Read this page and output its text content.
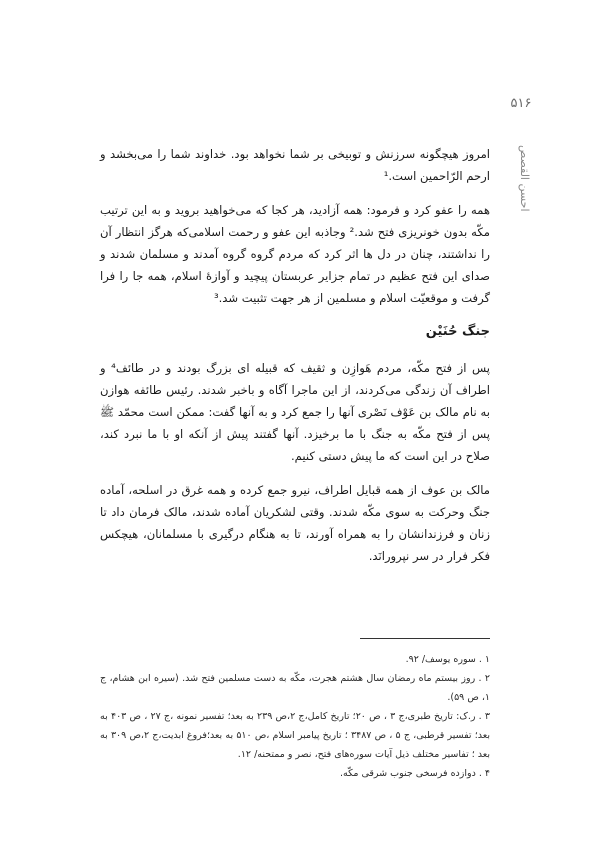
۵۱۶
احسن القصص

امروز هیچگونه سرزنش و توبیخی بر شما نخواهد بود. خداوند شما را می‌بخشد و ارحم الرّاحمین است.¹

همه را عفو کرد و فرمود: همه آزادید، هر کجا که می‌خواهید بروید و به این ترتیب مکّه بدون خونریزی فتح شد.² وجاذبه این عفو و رحمت اسلامی‌که هرگز انتظار آن را نداشتند، چنان در دل ها اثر کرد که مردم گروه گروه آمدند و مسلمان شدند و صدای این فتح عظیم در تمام جزایر عربستان پیچید و آوازهٔ اسلام، همه جا را فرا گرفت و موقعیّت اسلام و مسلمین از هر جهت تثبیت شد.³

جنگ حُنَیْن

پس از فتح مکّه، مردم هَوازِن و ثقیف که قبیله ای بزرگ بودند و در طائف⁴ و اطراف آن زندگی می‌کردند، از این ماجرا آگاه و باخبر شدند. رئیس طائفه هوازن به نام مالک بن عَوْف نَصْری آنها را جمع کرد و به آنها گفت: ممکن است محمّد ﷺ پس از فتح مکّه به جنگ با ما برخیزد. آنها گفتند پیش از آنکه او با ما نبرد کند، صلاح در این است که ما پیش دستی کنیم.

مالک بن عوف از همه قبایل اطراف، نیرو جمع کرده و همه غرق در اسلحه، آماده جنگ وحرکت به سوی مکّه شدند. وقتی لشکریان آماده شدند، مالک فرمان داد تا زنان و فرزندانشان را به همراه آورند، تا به هنگام درگیری با مسلمانان، هیچکس فکر فرار در سر نپرورانَد.

۱ . سوره یوسف/ ۹۲.

۲ . روز بیستم ماه رمضان سال هشتم هجرت، مکّه به دست مسلمین فتح شد. (سیره ابن هشام، ج ۱، ص ۵۹).

۳ . ر.ک: تاریخ طبری،ج ۳ ، ص ۲۰؛ تاریخ کامل،ج ۲،ص ۲۳۹ به بعد؛ تفسیر نمونه ،ج ۲۷ ، ص ۴۰۳ به بعد؛ تفسیر قرطبی، ج ۵ ، ص ۳۴۸۷ ؛ تاریخ پیامبر اسلام ،ص ۵۱۰ به بعد؛فروغ ابدیت،ج ۲،ص ۳۰۹ به بعد ؛ تفاسیر مختلف ذیل آیات سوره‌های فتح، نصر و ممتحنه/ ۱۲.

۴ . دوازده فرسخی جنوب شرقی مکّه.
